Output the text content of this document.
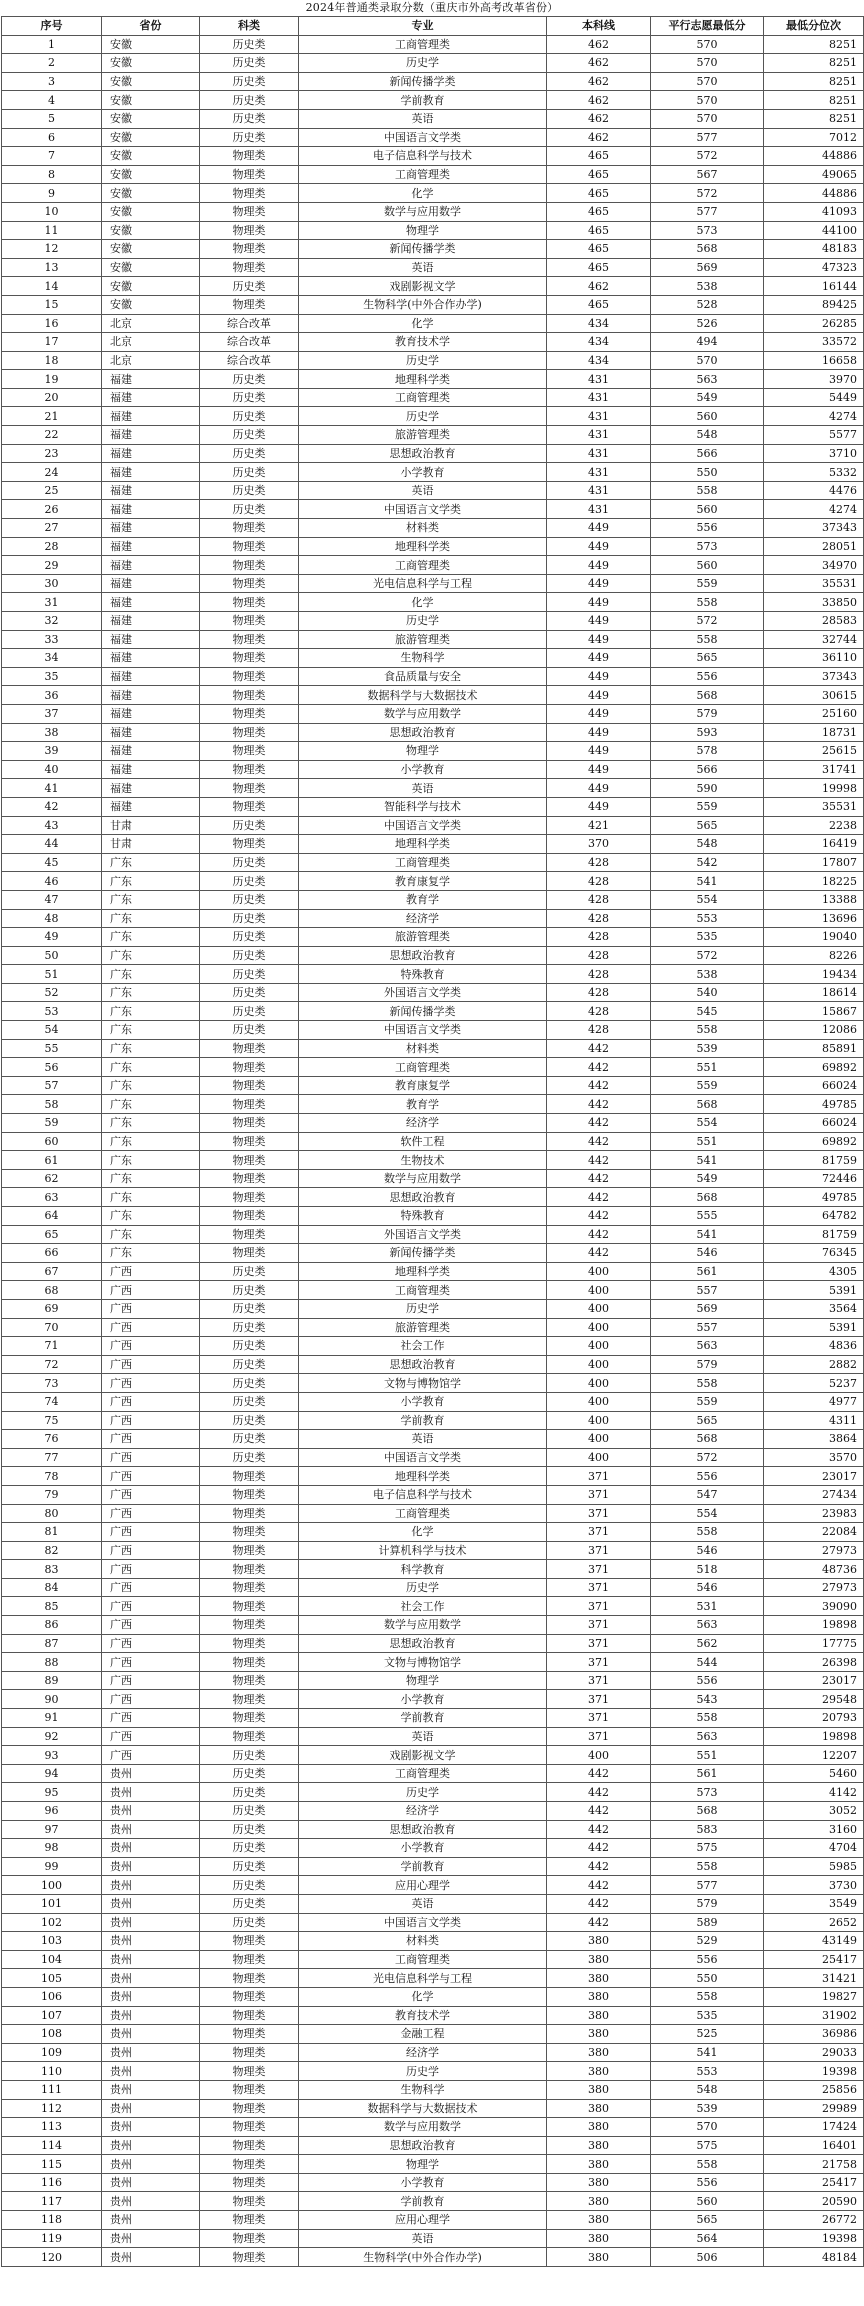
2024年普通类录取分数（重庆市外高考改革省份）
序号	省份	科类	专业	本科线	平行志愿最低分	最低分位次
1	安徽	历史类	工商管理类	462	570	8251
2	安徽	历史类	历史学	462	570	8251
3	安徽	历史类	新闻传播学类	462	570	8251
4	安徽	历史类	学前教育	462	570	8251
5	安徽	历史类	英语	462	570	8251
6	安徽	历史类	中国语言文学类	462	577	7012
7	安徽	物理类	电子信息科学与技术	465	572	44886
8	安徽	物理类	工商管理类	465	567	49065
9	安徽	物理类	化学	465	572	44886
10	安徽	物理类	数学与应用数学	465	577	41093
11	安徽	物理类	物理学	465	573	44100
12	安徽	物理类	新闻传播学类	465	568	48183
13	安徽	物理类	英语	465	569	47323
14	安徽	历史类	戏剧影视文学	462	538	16144
15	安徽	物理类	生物科学(中外合作办学)	465	528	89425
16	北京	综合改革	化学	434	526	26285
17	北京	综合改革	教育技术学	434	494	33572
18	北京	综合改革	历史学	434	570	16658
19	福建	历史类	地理科学类	431	563	3970
20	福建	历史类	工商管理类	431	549	5449
21	福建	历史类	历史学	431	560	4274
22	福建	历史类	旅游管理类	431	548	5577
23	福建	历史类	思想政治教育	431	566	3710
24	福建	历史类	小学教育	431	550	5332
25	福建	历史类	英语	431	558	4476
26	福建	历史类	中国语言文学类	431	560	4274
27	福建	物理类	材料类	449	556	37343
28	福建	物理类	地理科学类	449	573	28051
29	福建	物理类	工商管理类	449	560	34970
30	福建	物理类	光电信息科学与工程	449	559	35531
31	福建	物理类	化学	449	558	33850
32	福建	物理类	历史学	449	572	28583
33	福建	物理类	旅游管理类	449	558	32744
34	福建	物理类	生物科学	449	565	36110
35	福建	物理类	食品质量与安全	449	556	37343
36	福建	物理类	数据科学与大数据技术	449	568	30615
37	福建	物理类	数学与应用数学	449	579	25160
38	福建	物理类	思想政治教育	449	593	18731
39	福建	物理类	物理学	449	578	25615
40	福建	物理类	小学教育	449	566	31741
41	福建	物理类	英语	449	590	19998
42	福建	物理类	智能科学与技术	449	559	35531
43	甘肃	历史类	中国语言文学类	421	565	2238
44	甘肃	物理类	地理科学类	370	548	16419
45	广东	历史类	工商管理类	428	542	17807
46	广东	历史类	教育康复学	428	541	18225
47	广东	历史类	教育学	428	554	13388
48	广东	历史类	经济学	428	553	13696
49	广东	历史类	旅游管理类	428	535	19040
50	广东	历史类	思想政治教育	428	572	8226
51	广东	历史类	特殊教育	428	538	19434
52	广东	历史类	外国语言文学类	428	540	18614
53	广东	历史类	新闻传播学类	428	545	15867
54	广东	历史类	中国语言文学类	428	558	12086
55	广东	物理类	材料类	442	539	85891
56	广东	物理类	工商管理类	442	551	69892
57	广东	物理类	教育康复学	442	559	66024
58	广东	物理类	教育学	442	568	49785
59	广东	物理类	经济学	442	554	66024
60	广东	物理类	软件工程	442	551	69892
61	广东	物理类	生物技术	442	541	81759
62	广东	物理类	数学与应用数学	442	549	72446
63	广东	物理类	思想政治教育	442	568	49785
64	广东	物理类	特殊教育	442	555	64782
65	广东	物理类	外国语言文学类	442	541	81759
66	广东	物理类	新闻传播学类	442	546	76345
67	广西	历史类	地理科学类	400	561	4305
68	广西	历史类	工商管理类	400	557	5391
69	广西	历史类	历史学	400	569	3564
70	广西	历史类	旅游管理类	400	557	5391
71	广西	历史类	社会工作	400	563	4836
72	广西	历史类	思想政治教育	400	579	2882
73	广西	历史类	文物与博物馆学	400	558	5237
74	广西	历史类	小学教育	400	559	4977
75	广西	历史类	学前教育	400	565	4311
76	广西	历史类	英语	400	568	3864
77	广西	历史类	中国语言文学类	400	572	3570
78	广西	物理类	地理科学类	371	556	23017
79	广西	物理类	电子信息科学与技术	371	547	27434
80	广西	物理类	工商管理类	371	554	23983
81	广西	物理类	化学	371	558	22084
82	广西	物理类	计算机科学与技术	371	546	27973
83	广西	物理类	科学教育	371	518	48736
84	广西	物理类	历史学	371	546	27973
85	广西	物理类	社会工作	371	531	39090
86	广西	物理类	数学与应用数学	371	563	19898
87	广西	物理类	思想政治教育	371	562	17775
88	广西	物理类	文物与博物馆学	371	544	26398
89	广西	物理类	物理学	371	556	23017
90	广西	物理类	小学教育	371	543	29548
91	广西	物理类	学前教育	371	558	20793
92	广西	物理类	英语	371	563	19898
93	广西	历史类	戏剧影视文学	400	551	12207
94	贵州	历史类	工商管理类	442	561	5460
95	贵州	历史类	历史学	442	573	4142
96	贵州	历史类	经济学	442	568	3052
97	贵州	历史类	思想政治教育	442	583	3160
98	贵州	历史类	小学教育	442	575	4704
99	贵州	历史类	学前教育	442	558	5985
100	贵州	历史类	应用心理学	442	577	3730
101	贵州	历史类	英语	442	579	3549
102	贵州	历史类	中国语言文学类	442	589	2652
103	贵州	物理类	材料类	380	529	43149
104	贵州	物理类	工商管理类	380	556	25417
105	贵州	物理类	光电信息科学与工程	380	550	31421
106	贵州	物理类	化学	380	558	19827
107	贵州	物理类	教育技术学	380	535	31902
108	贵州	物理类	金融工程	380	525	36986
109	贵州	物理类	经济学	380	541	29033
110	贵州	物理类	历史学	380	553	19398
111	贵州	物理类	生物科学	380	548	25856
112	贵州	物理类	数据科学与大数据技术	380	539	29989
113	贵州	物理类	数学与应用数学	380	570	17424
114	贵州	物理类	思想政治教育	380	575	16401
115	贵州	物理类	物理学	380	558	21758
116	贵州	物理类	小学教育	380	556	25417
117	贵州	物理类	学前教育	380	560	20590
118	贵州	物理类	应用心理学	380	565	26772
119	贵州	物理类	英语	380	564	19398
120	贵州	物理类	生物科学(中外合作办学)	380	506	48184
